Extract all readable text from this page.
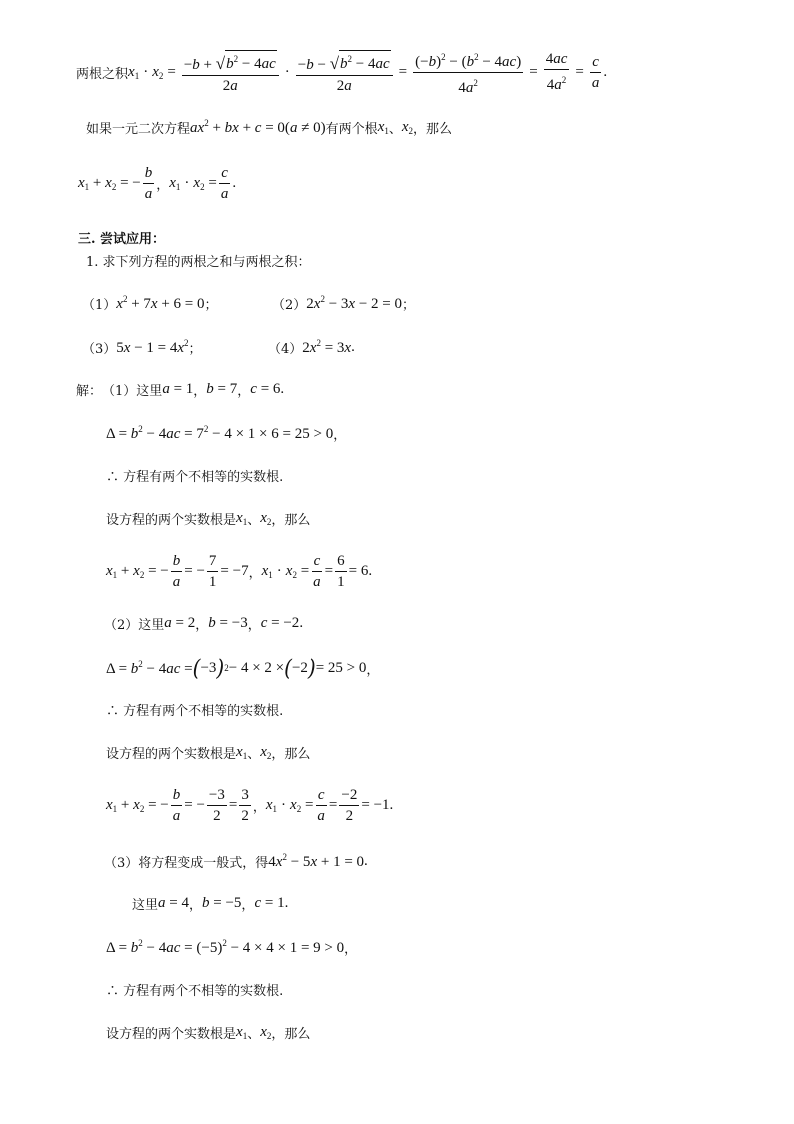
两根之积 $x_1 \cdot x_2 = \frac{-b + √ b^2 - 4ac}{2a} \cdot \frac{-b - √ b^2 - 4ac}{2a} = \frac{(-b)^2 - (b^2 - 4ac)}{4a^2} = \frac{4ac}{4a^2} = \frac{c}{a}$ .
如果一元二次方程 $ax^2$ + bx + c = 0(a ≠ 0) 有两个根 $x_1$ 、 $x_2$ ，那么
$x_1 + x_2$ = − $\frac{b}{a}$ ， $x_1 \cdot x_2 = \frac{c}{a}$ .
三. 尝试应用：
1. 求下列方程的两根之和与两根之积：
（1） $x^2 + 7x + 6 = 0$ ；	（2） $2x^2 - 3x - 2 = 0$ ；
（3） $5x - 1 = 4x^2$ ；	（4） $2x^2 = 3x$ .
解： （1） 这里 a = 1 ， b = 7 ， c = 6 .
$\Delta = b^2 - 4ac = 7^2 - 4 \times 1 \times 6 = 25 > 0$ ，
∴ 方程有两个不相等的实数根.
设方程的两个实数根是 $x_1$ 、 $x_2$ ，那么
$x_1 + x_2$ = − $\frac{b}{a}$ = − $\frac{7}{1} = -7$ ， $x_1 \cdot x_2 = \frac{c}{a} = \frac{6}{1} = 6$ .
（2） 这里 a = 2 ， b = −3 ， c = −2 .
$\Delta = b^2 - 4ac$ = ( −3 ) 2 − 4 × 2 × ( −2 ) = 25 > 0 ，
∴ 方程有两个不相等的实数根.
设方程的两个实数根是 $x_1$ 、 $x_2$ ，那么
$x_1 + x_2$ = − $\frac{b}{a}$ = − $\frac{-3}{2} = \frac{3}{2}$ ， $x_1 \cdot x_2 = \frac{c}{a} = \frac{-2}{2} = -1$ .
（3） 将方程变成一般式，得 $4x^2 - 5x + 1 = 0$ .
这里 a = 4 ， b = −5 ， c = 1 .
$\Delta = b^2 - 4ac = (-5)^2 - 4 \times 4 \times 1 = 9 > 0$ ，
∴ 方程有两个不相等的实数根.
设方程的两个实数根是 $x_1$ 、 $x_2$ ，那么
